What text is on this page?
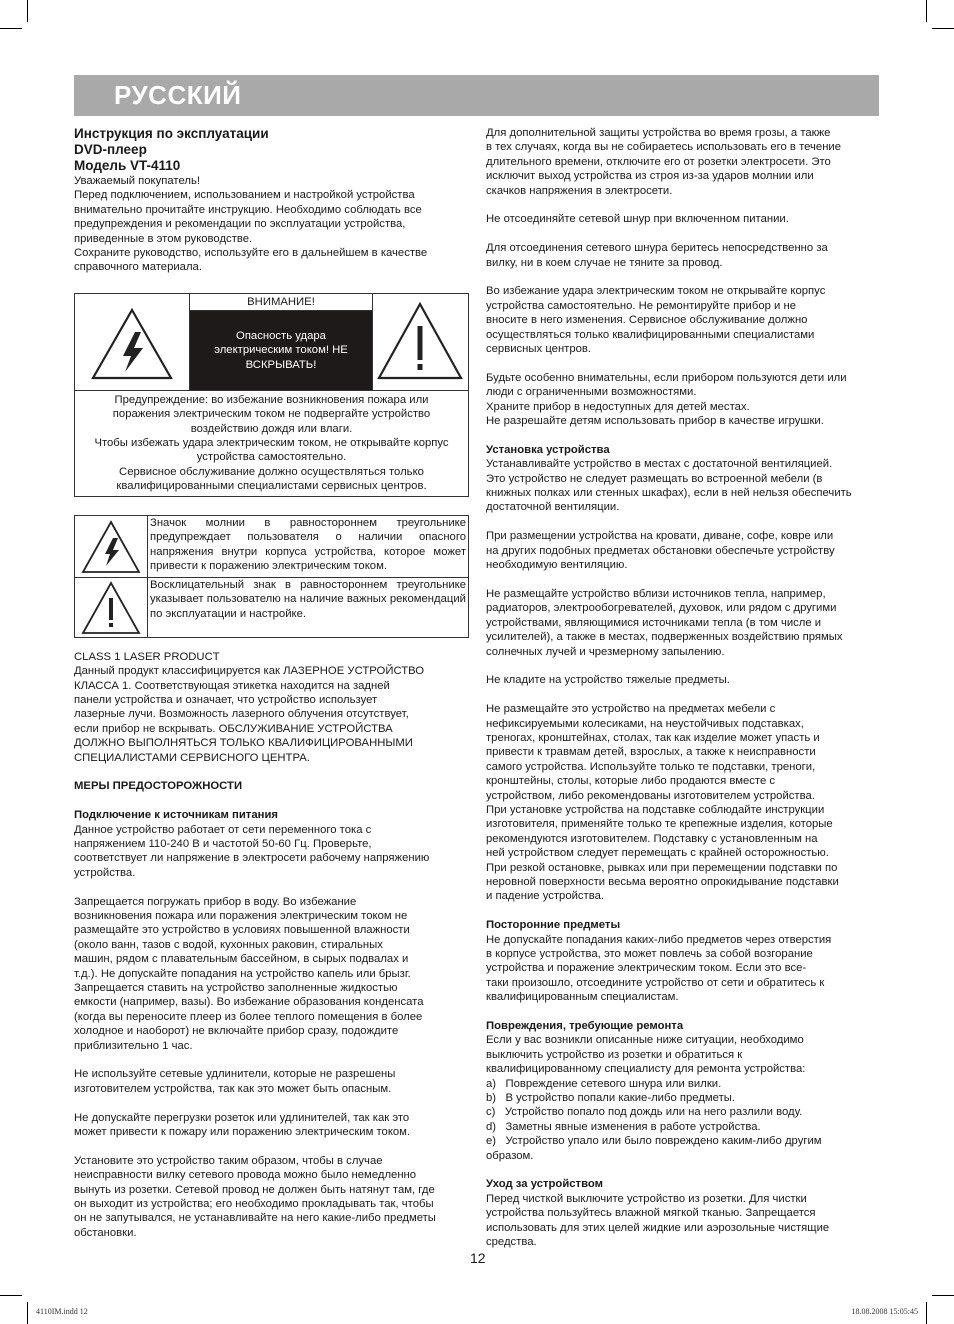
РУССКИЙ

Инструкция по эксплуатации

DVD-плеер

Модель VT-4110

Уважаемый покупатель!

Перед подключением, использованием и настройкой устройства

внимательно прочитайте инструкцию. Необходимо соблюдать все

предупреждения и рекомендации по эксплуатации устройства,

приведенные в этом руководстве.

Сохраните руководство, используйте его в дальнейшем в качестве

справочного материала.

ВНИМАНИЕ!
Опасность удара электрическим током! НЕ ВСКРЫВАТЬ!

Предупреждение: во избежание возникновения пожара или

поражения электрическим током не подвергайте устройство

воздействию дождя или влаги.

Чтобы избежать удара электрическим током, не открывайте корпус

устройства самостоятельно.

Сервисное обслуживание должно осуществляться только

квалифицированными специалистами сервисных центров.

Значок молнии в равностороннем треугольнике предупреждает пользователя о наличии опасного напряжения внутри корпуса устройства, которое может привести к поражению электрическим током.
Восклицательный знак в равностороннем треугольнике указывает пользователю на наличие важных рекомендаций по эксплуатации и настройке.

CLASS 1 LASER PRODUCT

Данный продукт классифицируется как ЛАЗЕРНОЕ УСТРОЙСТВО

КЛАССА 1. Соответствующая этикетка находится на задней

панели устройства и означает, что устройство использует

лазерные лучи. Возможность лазерного облучения отсутствует,

если прибор не вскрывать. ОБСЛУЖИВАНИЕ УСТРОЙСТВА

ДОЛЖНО ВЫПОЛНЯТЬСЯ ТОЛЬКО КВАЛИФИЦИРОВАННЫМИ

СПЕЦИАЛИСТАМИ СЕРВИСНОГО ЦЕНТРА.

МЕРЫ ПРЕДОСТОРОЖНОСТИ

Подключение к источникам питания

Данное устройство работает от сети переменного тока с

напряжением 110-240 В и частотой 50-60 Гц. Проверьте,

соответствует ли напряжение в электросети рабочему напряжению

устройства.

Запрещается погружать прибор в воду. Во избежание

возникновения пожара или поражения электрическим током не

размещайте это устройство в условиях повышенной влажности

(около ванн, тазов с водой, кухонных раковин, стиральных

машин, рядом с плавательным бассейном, в сырых подвалах и

т.д.). Не допускайте попадания на устройство капель или брызг.

Запрещается ставить на устройство заполненные жидкостью

емкости (например, вазы). Во избежание образования конденсата

(когда вы переносите плеер из более теплого помещения в более

холодное и наоборот) не включайте прибор сразу, подождите

приблизительно 1 час.

Не используйте сетевые удлинители, которые не разрешены

изготовителем устройства, так как это может быть опасным.

Не допускайте перегрузки розеток или удлинителей, так как это

может привести к пожару или поражению электрическим током.

Установите это устройство таким образом, чтобы в случае

неисправности вилку сетевого провода можно было немедленно

вынуть из розетки. Сетевой провод не должен быть натянут там, где

он выходит из устройства; его необходимо прокладывать так, чтобы

он не запутывался, не устанавливайте на него какие-либо предметы

обстановки.

Для дополнительной защиты устройства во время грозы, а также

в тех случаях, когда вы не собираетесь использовать его в течение

длительного времени, отключите его от розетки электросети. Это

исключит выход устройства из строя из-за ударов молнии или

скачков напряжения в электросети.

Не отсоединяйте сетевой шнур при включенном питании.

Для отсоединения сетевого шнура беритесь непосредственно за

вилку, ни в коем случае не тяните за провод.

Во избежание удара электрическим током не открывайте корпус

устройства самостоятельно. Не ремонтируйте прибор и не

вносите в него изменения. Сервисное обслуживание должно

осуществляться только квалифицированными специалистами

сервисных центров.

Будьте особенно внимательны, если прибором пользуются дети или

люди с ограниченными возможностями.

Храните прибор в недоступных для детей местах.

Не разрешайте детям использовать прибор в качестве игрушки.

Установка устройства

Устанавливайте устройство в местах с достаточной вентиляцией.

Это устройство не следует размещать во встроенной мебели (в

книжных полках или стенных шкафах), если в ней нельзя обеспечить

достаточной вентиляции.

При размещении устройства на кровати, диване, софе, ковре или

на других подобных предметах обстановки обеспечьте устройству

необходимую вентиляцию.

Не размещайте устройство вблизи источников тепла, например,

радиаторов, электрообогревателей, духовок, или рядом с другими

устройствами, являющимися источниками тепла (в том числе и

усилителей), а также в местах, подверженных воздействию прямых

солнечных лучей и чрезмерному запылению.

Не кладите на устройство тяжелые предметы.

Не размещайте это устройство на предметах мебели с

нефиксируемыми колесиками, на неустойчивых подставках,

треногах, кронштейнах, столах, так как изделие может упасть и

привести к травмам детей, взрослых, а также к неисправности

самого устройства. Используйте только те подставки, треноги,

кронштейны, столы, которые либо продаются вместе с

устройством, либо рекомендованы изготовителем устройства.

При установке устройства на подставке соблюдайте инструкции

изготовителя, применяйте только те крепежные изделия, которые

рекомендуются изготовителем. Подставку с установленным на

ней устройством следует перемещать с крайней осторожностью.

При резкой остановке, рывках или при перемещении подставки по

неровной поверхности весьма вероятно опрокидывание подставки

и падение устройства.

Посторонние предметы

Не допускайте попадания каких-либо предметов через отверстия

в корпусе устройства, это может повлечь за собой возгорание

устройства и поражение электрическим током. Если это все-

таки произошло, отсоедините устройство от сети и обратитесь к

квалифицированным специалистам.

Повреждения, требующие ремонта

Если у вас возникли описанные ниже ситуации, необходимо

выключить устройство из розетки и обратиться к

квалифицированному специалисту для ремонта устройства:

a)   Повреждение сетевого шнура или вилки.

b)   В устройство попали какие-либо предметы.

c)   Устройство попало под дождь или на него разлили воду.

d)   Заметны явные изменения в работе устройства.

e)   Устройство упало или было повреждено каким-либо другим

образом.

Уход за устройством

Перед чисткой выключите устройство из розетки. Для чистки

устройства пользуйтесь влажной мягкой тканью. Запрещается

использовать для этих целей жидкие или аэрозольные чистящие

средства.

12
4110IM.indd 12	18.08.2008 15:05:45
